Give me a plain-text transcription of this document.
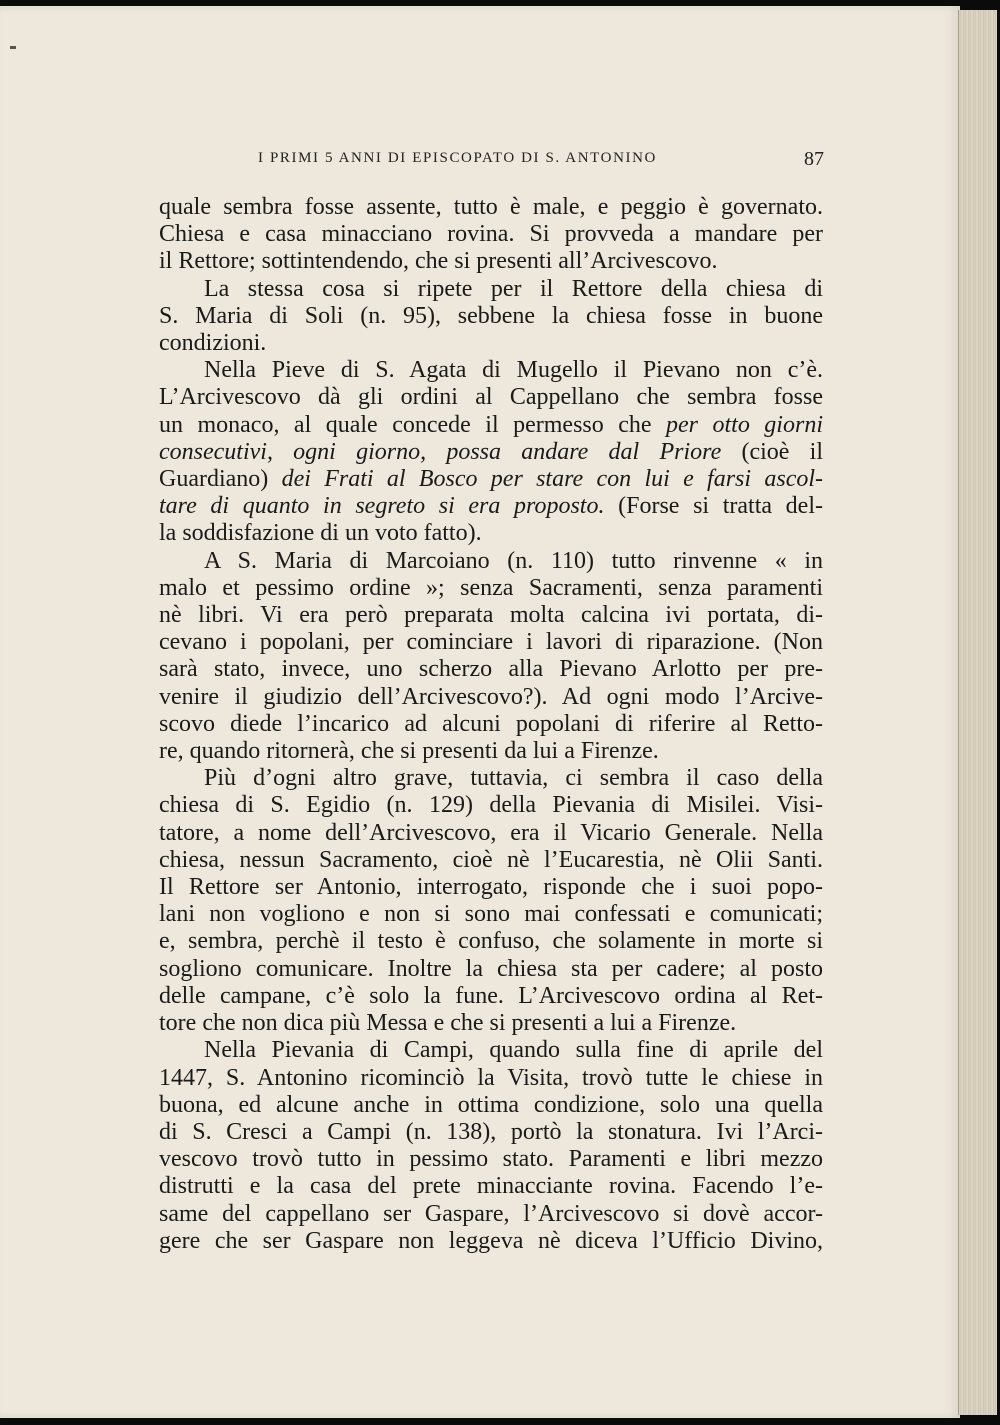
I PRIMI 5 ANNI DI EPISCOPATO DI S. ANTONINO	87
quale sembra fosse assente, tutto è male, e peggio è governato.
Chiesa e casa minacciano rovina. Si provveda a mandare per
il Rettore; sottintendendo, che si presenti all’Arcivescovo.
La stessa cosa si ripete per il Rettore della chiesa di
S. Maria di Soli (n. 95), sebbene la chiesa fosse in buone
condizioni.
Nella Pieve di S. Agata di Mugello il Pievano non c’è.
L’Arcivescovo dà gli ordini al Cappellano che sembra fosse
un monaco, al quale concede il permesso che per otto giorni
consecutivi, ogni giorno, possa andare dal Priore (cioè il
Guardiano) dei Frati al Bosco per stare con lui e farsi ascol-
tare di quanto in segreto si era proposto. (Forse si tratta del-
la soddisfazione di un voto fatto).
A S. Maria di Marcoiano (n. 110) tutto rinvenne « in
malo et pessimo ordine »; senza Sacramenti, senza paramenti
nè libri. Vi era però preparata molta calcina ivi portata, di-
cevano i popolani, per cominciare i lavori di riparazione. (Non
sarà stato, invece, uno scherzo alla Pievano Arlotto per pre-
venire il giudizio dell’Arcivescovo?). Ad ogni modo l’Arcive-
scovo diede l’incarico ad alcuni popolani di riferire al Retto-
re, quando ritornerà, che si presenti da lui a Firenze.
Più d’ogni altro grave, tuttavia, ci sembra il caso della
chiesa di S. Egidio (n. 129) della Pievania di Misilei. Visi-
tatore, a nome dell’Arcivescovo, era il Vicario Generale. Nella
chiesa, nessun Sacramento, cioè nè l’Eucarestia, nè Olii Santi.
Il Rettore ser Antonio, interrogato, risponde che i suoi popo-
lani non vogliono e non si sono mai confessati e comunicati;
e, sembra, perchè il testo è confuso, che solamente in morte si
sogliono comunicare. Inoltre la chiesa sta per cadere; al posto
delle campane, c’è solo la fune. L’Arcivescovo ordina al Ret-
tore che non dica più Messa e che si presenti a lui a Firenze.
Nella Pievania di Campi, quando sulla fine di aprile del
1447, S. Antonino ricominciò la Visita, trovò tutte le chiese in
buona, ed alcune anche in ottima condizione, solo una quella
di S. Cresci a Campi (n. 138), portò la stonatura. Ivi l’Arci-
vescovo trovò tutto in pessimo stato. Paramenti e libri mezzo
distrutti e la casa del prete minacciante rovina. Facendo l’e-
same del cappellano ser Gaspare, l’Arcivescovo si dovè accor-
gere che ser Gaspare non leggeva nè diceva l’Ufficio Divino,
